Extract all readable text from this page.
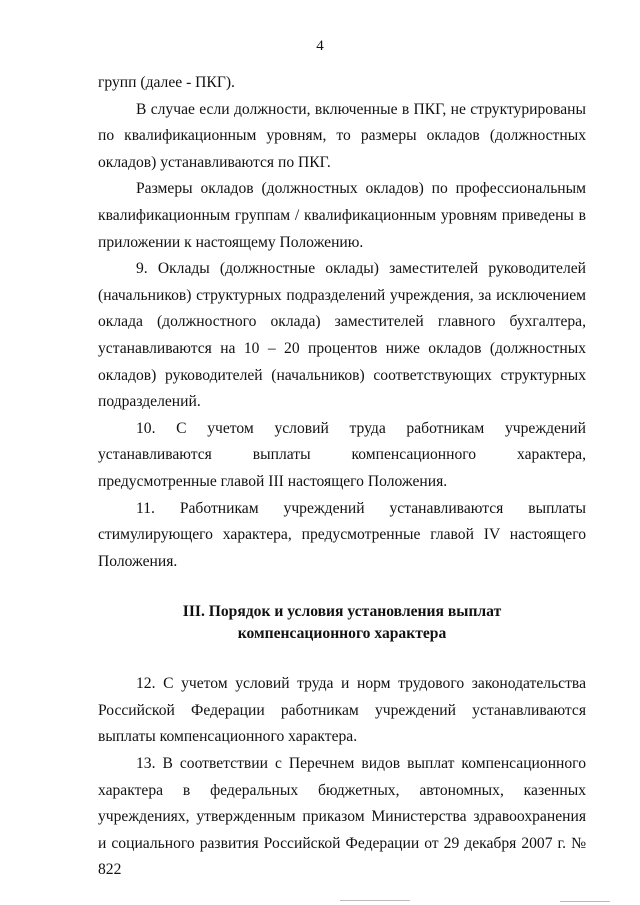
4

групп (далее - ПКГ).

В случае если должности, включенные в ПКГ, не структурированы по квалификационным уровням, то размеры окладов (должностных окладов) устанавливаются по ПКГ.

Размеры окладов (должностных окладов) по профессиональным квалификационным группам / квалификационным уровням приведены в приложении к настоящему Положению.

9. Оклады (должностные оклады) заместителей руководителей (начальников) структурных подразделений учреждения, за исключением оклада (должностного оклада) заместителей главного бухгалтера, устанавливаются на 10 – 20 процентов ниже окладов (должностных окладов) руководителей (начальников) соответствующих структурных подразделений.

10. С учетом условий труда работникам учреждений устанавливаются выплаты компенсационного характера, предусмотренные главой III настоящего Положения.

11. Работникам учреждений устанавливаются выплаты стимулирующего характера, предусмотренные главой IV настоящего Положения.

III. Порядок и условия установления выплат
компенсационного характера

12. С учетом условий труда и норм трудового законодательства Российской Федерации работникам учреждений устанавливаются выплаты компенсационного характера.

13. В соответствии с Перечнем видов выплат компенсационного характера в федеральных бюджетных, автономных, казенных учреждениях, утвержденным приказом Министерства здравоохранения и социального развития Российской Федерации от 29 декабря 2007 г. № 822
